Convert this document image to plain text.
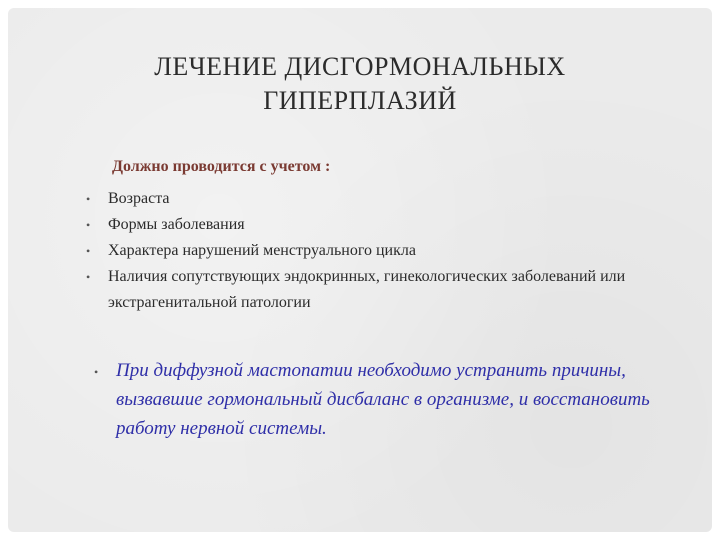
ЛЕЧЕНИЕ ДИСГОРМОНАЛЬНЫХ
ГИПЕРПЛАЗИЙ
Должно проводится с учетом :
• Возраста
• Формы заболевания
• Характера нарушений менструального цикла
• Наличия сопутствующих эндокринных, гинекологических заболеваний или экстрагенитальной патологии
• При диффузной мастопатии необходимо устранить причины, вызвавшие гормональный дисбаланс в организме, и восстановить работу нервной системы.
